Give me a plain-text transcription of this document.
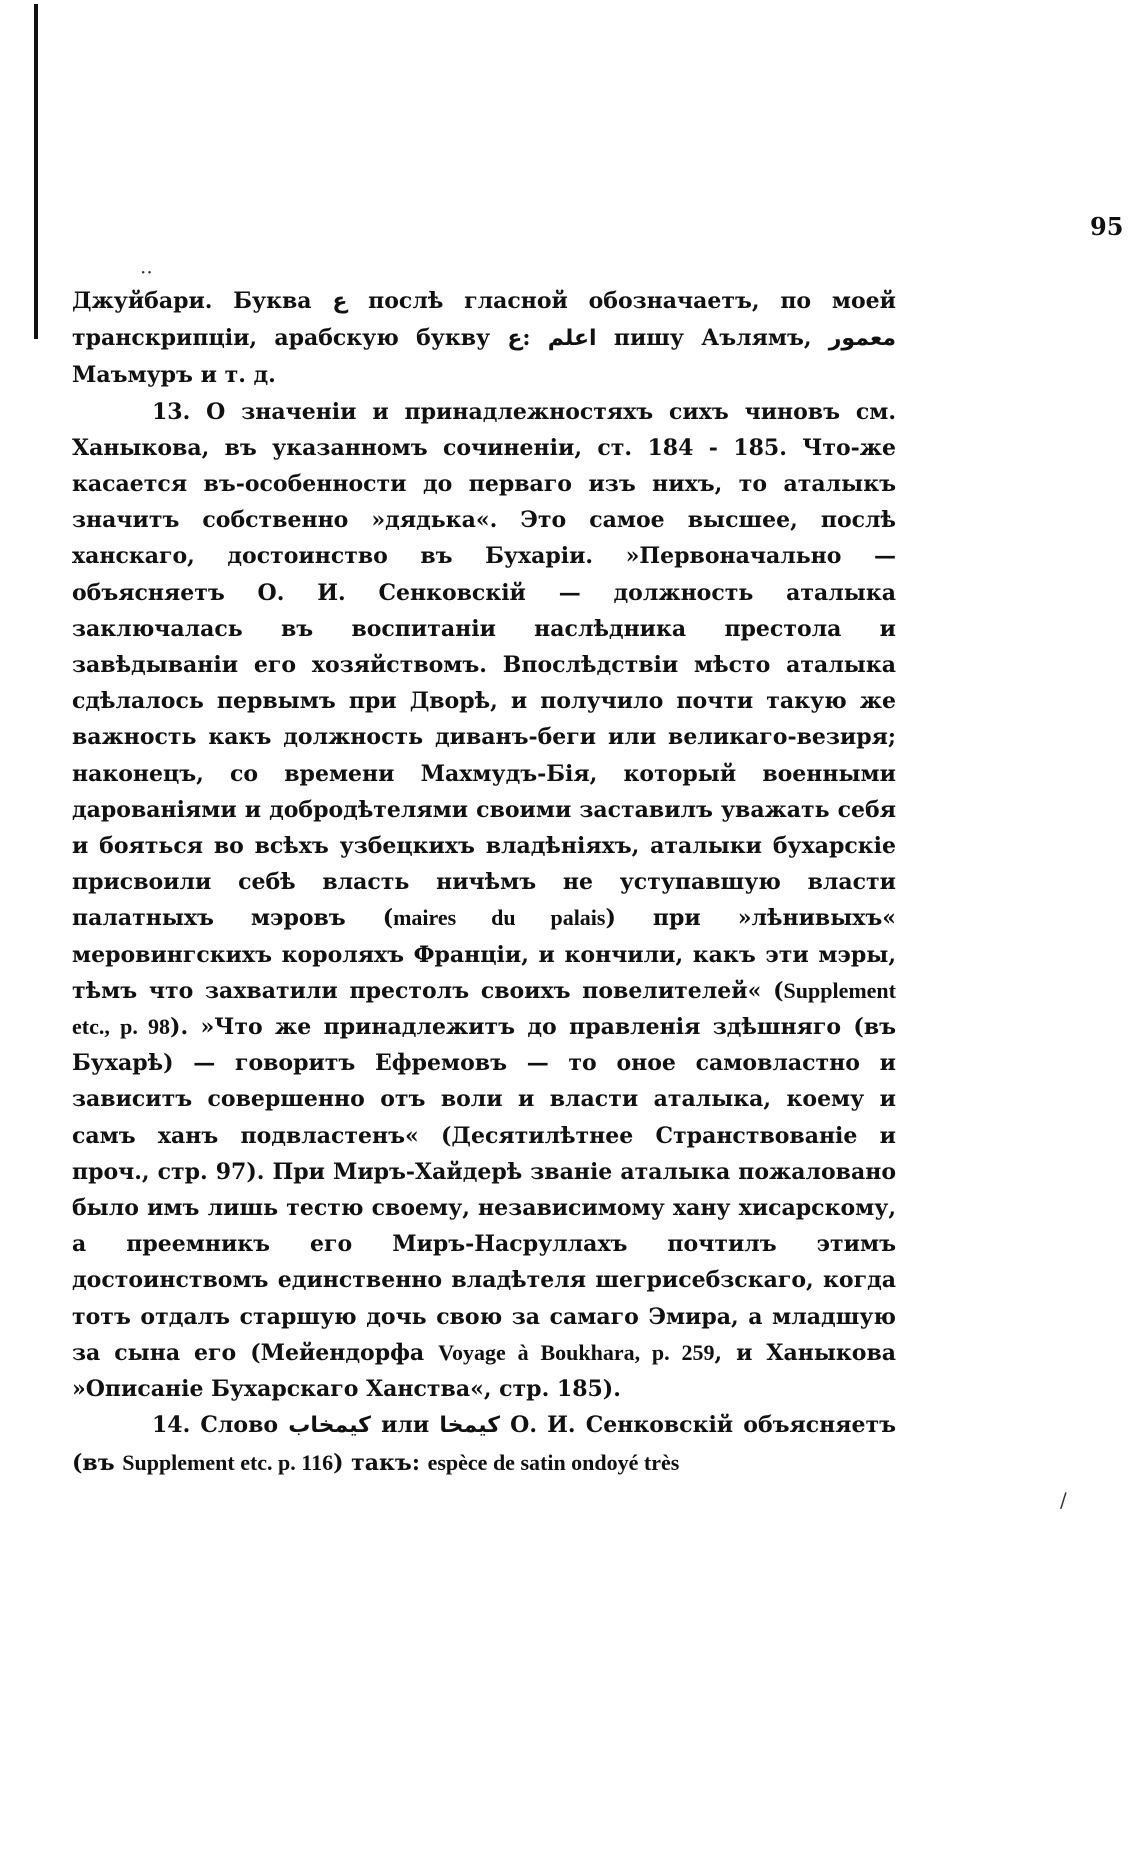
··
∕
95

Джуйбари. Буква ع послѣ гласной обозначаетъ, по моей транскрипціи, арабскую букву ع: اعلم пишу Аълямъ, معمور Маъмуръ и т. д.

13. О значеніи и принадлежностяхъ сихъ чиновъ см. Ханыкова, въ указанномъ сочиненіи, ст. 184 - 185. Что-же касается въ-особенности до перваго изъ нихъ, то аталыкъ значитъ собственно »дядька«. Это самое высшее, послѣ ханскаго, достоинство въ Бухаріи. »Первоначально — объясняетъ О. И. Сенковскій — должность аталыка заключалась въ воспитаніи наслѣдника престола и завѣдываніи его хозяйствомъ. Впослѣдствіи мѣсто аталыка сдѣлалось первымъ при Дворѣ, и получило почти такую же важность какъ должность диванъ-беги или великаго-везиря; наконецъ, со времени Махмудъ-Бія, который военными дарованіями и добродѣтелями своими заставилъ уважать себя и бояться во всѣхъ узбецкихъ владѣніяхъ, аталыки бухарскіе присвоили себѣ власть ничѣмъ не уступавшую власти палатныхъ мэровъ (maires du palais) при »лѣнивыхъ« меровингскихъ короляхъ Франціи, и кончили, какъ эти мэры, тѣмъ что захватили престолъ своихъ повелителей« (Supplement etc., p. 98). »Что же принадлежитъ до правленія здѣшняго (въ Бухарѣ) — говоритъ Ефремовъ — то оное самовластно и зависитъ совершенно отъ воли и власти аталыка, коему и самъ ханъ подвластенъ« (Десятилѣтнее Странствованіе и проч., стр. 97). При Миръ-Хайдерѣ званіе аталыка пожаловано было имъ лишь тестю своему, независимому хану хисарскому, а преемникъ его Миръ-Насруллахъ почтилъ этимъ достоинствомъ единственно владѣтеля шегрисебзскаго, когда тотъ отдалъ старшую дочь свою за самаго Эмира, а младшую за сына его (Мейендорфа Voyage à Boukhara, p. 259, и Ханыкова »Описаніе Бухарскаго Ханства«, стр. 185).

14. Слово كيمخاب или كيمخا О. И. Сенковскій объясняетъ (въ Supplement etc. p. 116) такъ: espèce de satin ondoyé très
